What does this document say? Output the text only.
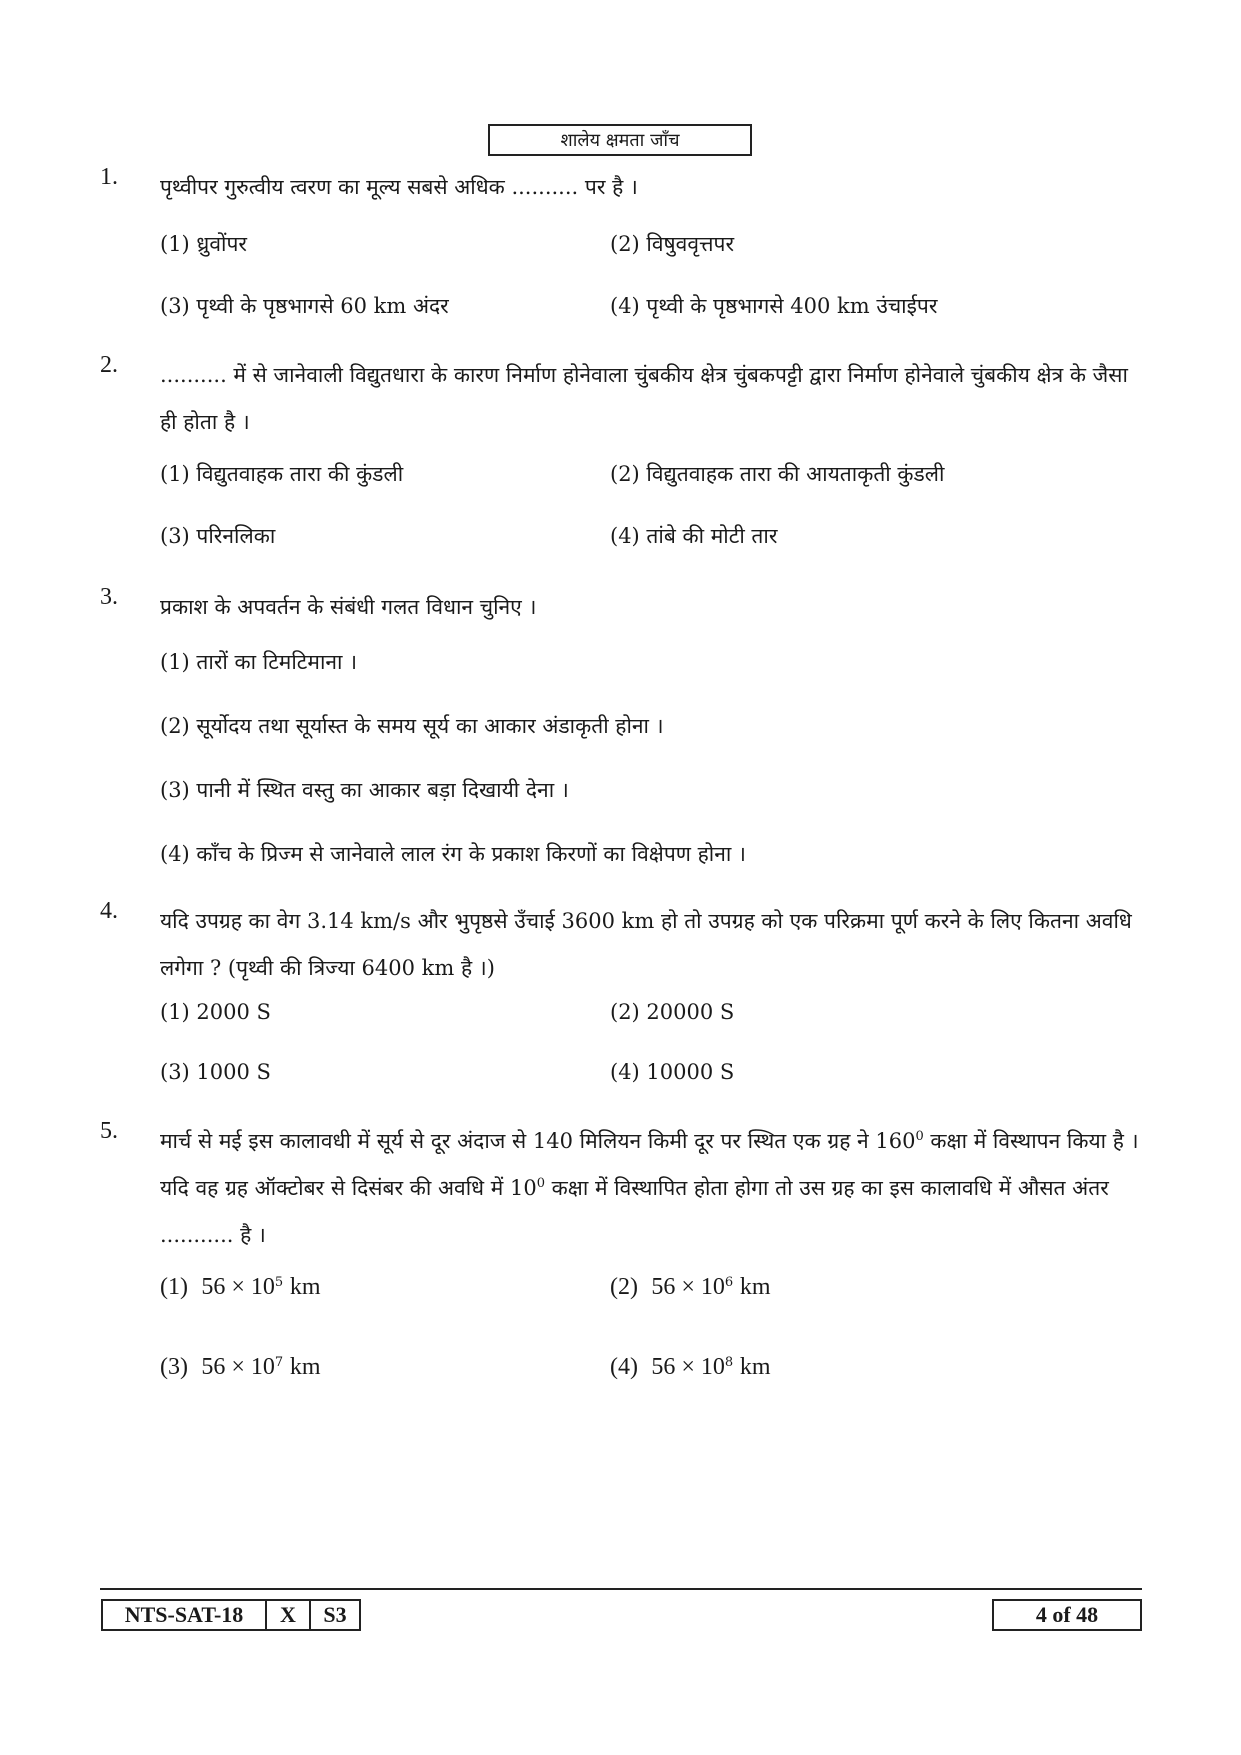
शालेय क्षमता जाँच
1. पृथ्वीपर गुरुत्वीय त्वरण का मूल्य सबसे अधिक .......... पर है ।
(1) ध्रुवोंपर	(2) विषुववृत्तपर
(3) पृथ्वी के पृष्ठभागसे 60 km अंदर	(4) पृथ्वी के पृष्ठभागसे 400 km उंचाईपर
2. .......... में से जानेवाली विद्युतधारा के कारण निर्माण होनेवाला चुंबकीय क्षेत्र चुंबकपट्टी द्वारा निर्माण होनेवाले चुंबकीय क्षेत्र के जैसा ही होता है ।
(1) विद्युतवाहक तारा की कुंडली	(2) विद्युतवाहक तारा की आयताकृती कुंडली
(3) परिनलिका	(4) तांबे की मोटी तार
3. प्रकाश के अपवर्तन के संबंधी गलत विधान चुनिए ।
(1) तारों का टिमटिमाना ।
(2) सूर्योदय तथा सूर्यास्त के समय सूर्य का आकार अंडाकृती होना ।
(3) पानी में स्थित वस्तु का आकार बड़ा दिखायी देना ।
(4) काँच के प्रिज्म से जानेवाले लाल रंग के प्रकाश किरणों का विक्षेपण होना ।
4. यदि उपग्रह का वेग 3.14 km/s और भुपृष्ठसे उँचाई 3600 km हो तो उपग्रह को एक परिक्रमा पूर्ण करने के लिए कितना अवधि लगेगा ? (पृथ्वी की त्रिज्या 6400 km है ।)
(1) 2000 S	(2) 20000 S
(3) 1000 S	(4) 10000 S
5. मार्च से मई इस कालावधी में सूर्य से दूर अंदाज से 140 मिलियन किमी दूर पर स्थित एक ग्रह ने $160^0$ कक्षा में विस्थापन किया है । यदि वह ग्रह ऑक्टोबर से दिसंबर की अवधि में $10^0$ कक्षा में विस्थापित होता होगा तो उस ग्रह का इस कालावधि में औसत अंतर ........... है ।
(1) $56 \times 10^5$ km	(2) $56 \times 10^6$ km
(3) $56 \times 10^7$ km	(4) $56 \times 10^8$ km
NTS-SAT-18	X	S3	4 of 48
